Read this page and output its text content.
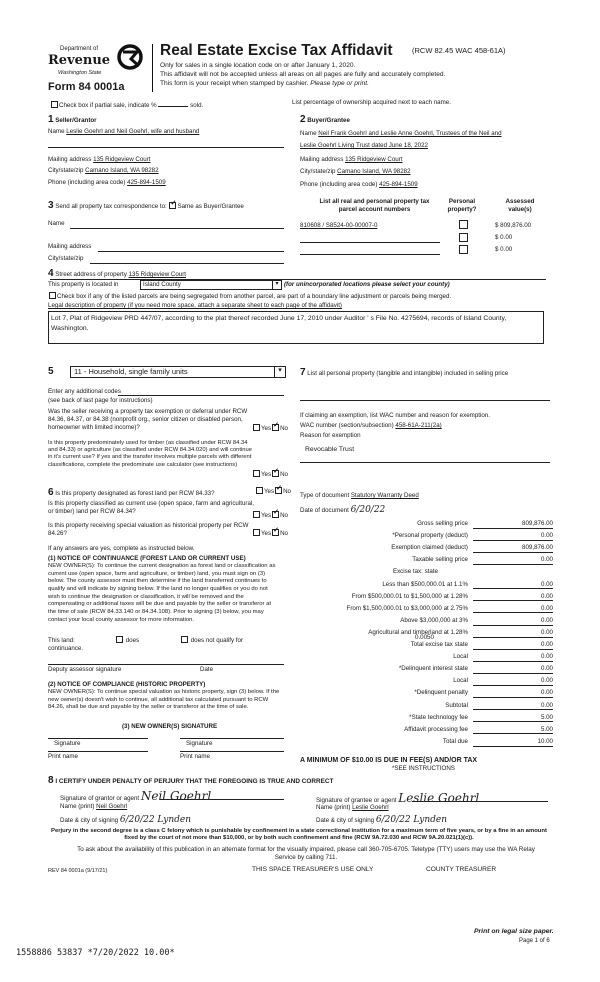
Department of
Revenue
Washington State
Form 84 0001a
Real Estate Excise Tax Affidavit	(RCW 82.45 WAC 458-61A)
Only for sales in a single location code on or after January 1, 2020.
This affidavit will not be accepted unless all areas on all pages are fully and accurately completed.
This form is your receipt when stamped by cashier. Please type or print.
Check box if partial sale, indicate %	sold.	List percentage of ownership acquired next to each name.
1 Seller/Grantor
Name Leslie Goehrl and Neil Goehrl, wife and husband
Mailing address 135 Ridgeview Court
City/state/zip Camano Island, WA 98282
Phone (including area code) 425-894-1509
2 Buyer/Grantee
Name Neil Frank Goehrl and Leslie Anne Goehrl, Trustees of the Neil and
Leslie Goehrl Living Trust dated June 18, 2022
Mailing address 135 Ridgeview Court
City/state/zip Camano Island, WA 98282
Phone (including area code) 425-894-1509
3 Send all property tax correspondence to: ✓ Same as Buyer/Grantee
Name
Mailing address
City/state/zip
List all real and personal property tax parcel account numbers
Personal property?
Assessed value(s)
810608 / S8524-00-00007-0	$ 809,876.00
$ 0.00
$ 0.00
4 Street address of property 135 Ridgeview Court
This property is located in	Island County	▾ (for unincorporated locations please select your county)
Check box if any of the listed parcels are being segregated from another parcel, are part of a boundary line adjustment or parcels being merged.
Legal description of property (if you need more space, attach a separate sheet to each page of the affidavit)
Lot 7, Plat of Ridgeview PRD 447/07, according to the plat thereof recorded June 17, 2010 under Auditor ' s File No. 4275694, records of Island County, Washington.
5	11 - Household, single family units	▾
Enter any additional codes
(see back of last page for instructions)
Was the seller receiving a property tax exemption or deferral under RCW 84.36, 84.37, or 84.38 (nonprofit org., senior citizen or disabled person, homeowner with limited income)?	Yes ✓ No
Is this property predominately used for timber (as classified under RCW 84.34 and 84.33) or agriculture (as classified under RCW 84.34.020) and will continue in it's current use? If yes and the transfer involves multiple parcels with different classifications, complete the predominate use calculator (see instructions)
Yes ✓ No
6 Is this property designated as forest land per RCW 84.33?	Yes ✓ No
Is this property classified as current use (open space, farm and agricultural, or timber) land per RCW 84.34?
Yes ✓ No
Is this property receiving special valuation as historical property per RCW 84.26?	Yes ✓ No
If any answers are yes, complete as instructed below.
(1) NOTICE OF CONTINUANCE (FOREST LAND OR CURRENT USE)
NEW OWNER(S): To continue the current designation as forest land or classification as current use (open space, farm and agriculture, or timber) land, you must sign on (3) below. The county assessor must then determine if the land transferred continues to qualify and will indicate by signing below. If the land no longer qualifies or you do not wish to continue the designation or classification, it will be removed and the compensating or additional taxes will be due and payable by the seller or transferor at the time of sale (RCW 84.33.140 or 84.34.108). Prior to signing (3) below, you may contact your local county assessor for more information.
This land:	does	does not qualify for
continuance.
Deputy assessor signature	Date
(2) NOTICE OF COMPLIANCE (HISTORIC PROPERTY)
NEW OWNER(S): To continue special valuation as historic property, sign (3) below. If the new owner(s) doesn't wish to continue, all additional tax calculated pursuant to RCW 84.26, shall be due and payable by the seller or transferor at the time of sale.
(3) NEW OWNER(S) SIGNATURE
Signature	Signature
Print name	Print name
7 List all personal property (tangible and intangible) included in selling price
If claiming an exemption, list WAC number and reason for exemption.
WAC number (section/subsection) 458-61A-211(2a)
Reason for exemption
Revocable Trust
Type of document Statutory Warranty Deed
Date of document 6/20/22
Gross selling price	809,876.00
*Personal property (deduct)	0.00
Exemption claimed (deduct)	809,876.00
Taxable selling price	0.00
Excise tax: state
Less than $500,000.01 at 1.1%	0.00
From $500,000.01 to $1,500,000 at 1.28%	0.00
From $1,500,000.01 to $3,000,000 at 2.75%	0.00
Above $3,000,000 at 3%	0.00
Agricultural and timberland at 1.28%	0.00
Total excise tax state	0.00
Local	0.00
*Delinquent interest state	0.00
Local	0.00
*Delinquent penalty	0.00
Subtotal	0.00
*State technology fee	5.00
Affidavit processing fee	5.00
Total due	10.00
0.0050
A MINIMUM OF $10.00 IS DUE IN FEE(S) AND/OR TAX
*SEE INSTRUCTIONS
8 I CERTIFY UNDER PENALTY OF PERJURY THAT THE FOREGOING IS TRUE AND CORRECT
Signature of grantor or agent Neil Goehrl
Name (print) Neil Goehrl
Date & city of signing 6/20/22 Lynden
Signature of grantee or agent Leslie Goehrl
Name (print) Leslie Goehrl
Date & city of signing 6/20/22 Lynden
Perjury in the second degree is a class C felony which is punishable by confinement in a state correctional institution for a maximum term of five years, or by a fine in an amount fixed by the court of not more than $10,000, or by both such confinement and fine (RCW 9A.72.030 and RCW 9A.20.021(1)(c)).
To ask about the availability of this publication in an alternate format for the visually impaired, please call 360-705-6705. Teletype (TTY) users may use the WA Relay Service by calling 711.
REV 84 0001a (9/17/21)	THIS SPACE TREASURER'S USE ONLY	COUNTY TREASURER
Print on legal size paper.
Page 1 of 6
1558886 53837 *7/20/2022 10.00*
